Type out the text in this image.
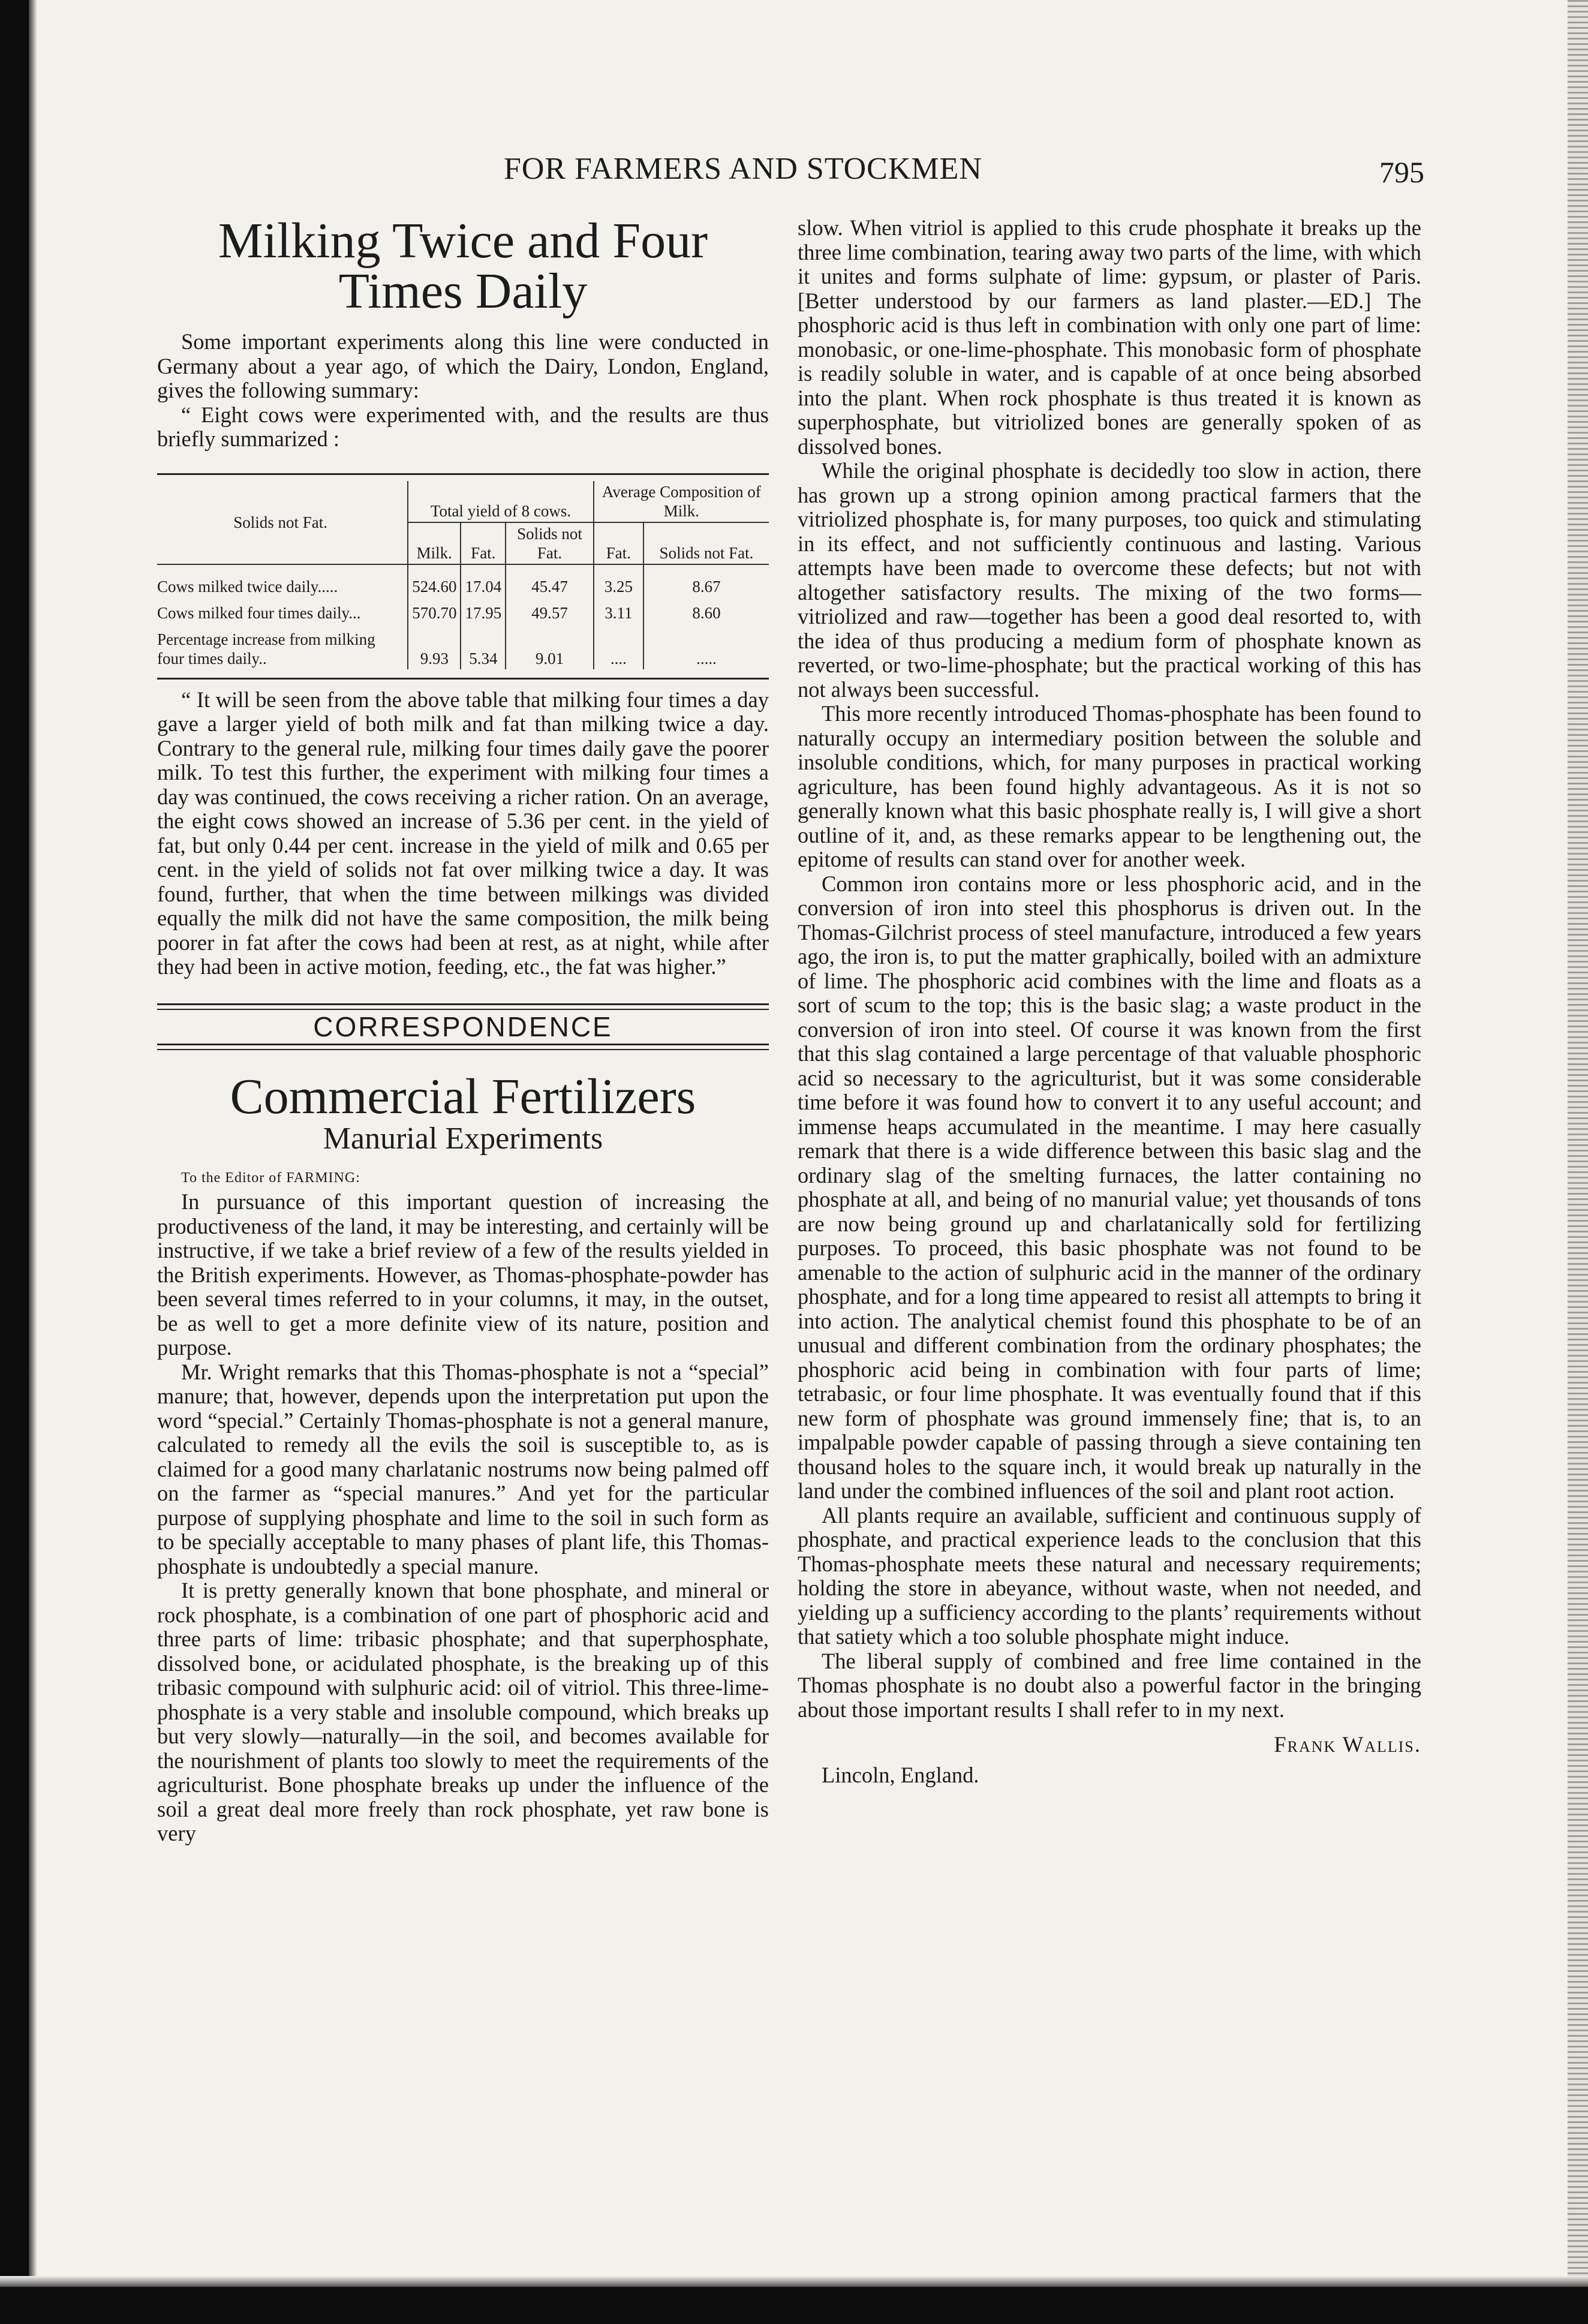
FOR FARMERS AND STOCKMEN	795
Milking Twice and Four Times Daily

Some important experiments along this line were conducted in Germany about a year ago, of which the Dairy, London, England, gives the following summary:

“ Eight cows were experimented with, and the results are thus briefly summarized :

Solids not Fat.	Total yield of 8 cows.			Average Composition of Milk.	
	Milk.	Fat.	Solids not Fat.	Fat.	Solids not Fat.
Cows milked twice daily.....	524.60	17.04	45.47	3.25	8.67
Cows milked four times daily...	570.70	17.95	49.57	3.11	8.60
Percentage increase from milking four times daily..	9.93	5.34	9.01	....	.....

“ It will be seen from the above table that milking four times a day gave a larger yield of both milk and fat than milking twice a day. Contrary to the general rule, milking four times daily gave the poorer milk. To test this further, the experiment with milking four times a day was continued, the cows receiving a richer ration. On an average, the eight cows showed an increase of 5.36 per cent. in the yield of fat, but only 0.44 per cent. increase in the yield of milk and 0.65 per cent. in the yield of solids not fat over milking twice a day. It was found, further, that when the time between milkings was divided equally the milk did not have the same composition, the milk being poorer in fat after the cows had been at rest, as at night, while after they had been in active motion, feeding, etc., the fat was higher.”

CORRESPONDENCE
Commercial Fertilizers
Manurial Experiments

To the Editor of FARMING:

In pursuance of this important question of increasing the productiveness of the land, it may be interesting, and certainly will be instructive, if we take a brief review of a few of the results yielded in the British experiments. However, as Thomas-phosphate-powder has been several times referred to in your columns, it may, in the outset, be as well to get a more definite view of its nature, position and purpose.

Mr. Wright remarks that this Thomas-phosphate is not a “special” manure; that, however, depends upon the interpretation put upon the word “special.” Certainly Thomas-phosphate is not a general manure, calculated to remedy all the evils the soil is susceptible to, as is claimed for a good many charlatanic nostrums now being palmed off on the farmer as “special manures.” And yet for the particular purpose of supplying phosphate and lime to the soil in such form as to be specially acceptable to many phases of plant life, this Thomas-phosphate is undoubtedly a special manure.

It is pretty generally known that bone phosphate, and mineral or rock phosphate, is a combination of one part of phosphoric acid and three parts of lime: tribasic phosphate; and that superphosphate, dissolved bone, or acidulated phosphate, is the breaking up of this tribasic compound with sulphuric acid: oil of vitriol. This three-lime-phosphate is a very stable and insoluble compound, which breaks up but very slowly—naturally—in the soil, and becomes available for the nourishment of plants too slowly to meet the requirements of the agriculturist. Bone phosphate breaks up under the influence of the soil a great deal more freely than rock phosphate, yet raw bone is very

slow. When vitriol is applied to this crude phosphate it breaks up the three lime combination, tearing away two parts of the lime, with which it unites and forms sulphate of lime: gypsum, or plaster of Paris. [Better understood by our farmers as land plaster.—ED.] The phosphoric acid is thus left in combination with only one part of lime: monobasic, or one-lime-phosphate. This monobasic form of phosphate is readily soluble in water, and is capable of at once being absorbed into the plant. When rock phosphate is thus treated it is known as superphosphate, but vitriolized bones are generally spoken of as dissolved bones.

While the original phosphate is decidedly too slow in action, there has grown up a strong opinion among practical farmers that the vitriolized phosphate is, for many purposes, too quick and stimulating in its effect, and not sufficiently continuous and lasting. Various attempts have been made to overcome these defects; but not with altogether satisfactory results. The mixing of the two forms—vitriolized and raw—together has been a good deal resorted to, with the idea of thus producing a medium form of phosphate known as reverted, or two-lime-phosphate; but the practical working of this has not always been successful.

This more recently introduced Thomas-phosphate has been found to naturally occupy an intermediary position between the soluble and insoluble conditions, which, for many purposes in practical working agriculture, has been found highly advantageous. As it is not so generally known what this basic phosphate really is, I will give a short outline of it, and, as these remarks appear to be lengthening out, the epitome of results can stand over for another week.

Common iron contains more or less phosphoric acid, and in the conversion of iron into steel this phosphorus is driven out. In the Thomas-Gilchrist process of steel manufacture, introduced a few years ago, the iron is, to put the matter graphically, boiled with an admixture of lime. The phosphoric acid combines with the lime and floats as a sort of scum to the top; this is the basic slag; a waste product in the conversion of iron into steel. Of course it was known from the first that this slag contained a large percentage of that valuable phosphoric acid so necessary to the agriculturist, but it was some considerable time before it was found how to convert it to any useful account; and immense heaps accumulated in the meantime. I may here casually remark that there is a wide difference between this basic slag and the ordinary slag of the smelting furnaces, the latter containing no phosphate at all, and being of no manurial value; yet thousands of tons are now being ground up and charlatanically sold for fertilizing purposes. To proceed, this basic phosphate was not found to be amenable to the action of sulphuric acid in the manner of the ordinary phosphate, and for a long time appeared to resist all attempts to bring it into action. The analytical chemist found this phosphate to be of an unusual and different combination from the ordinary phosphates; the phosphoric acid being in combination with four parts of lime; tetrabasic, or four lime phosphate. It was eventually found that if this new form of phosphate was ground immensely fine; that is, to an impalpable powder capable of passing through a sieve containing ten thousand holes to the square inch, it would break up naturally in the land under the combined influences of the soil and plant root action.

All plants require an available, sufficient and continuous supply of phosphate, and practical experience leads to the conclusion that this Thomas-phosphate meets these natural and necessary requirements; holding the store in abeyance, without waste, when not needed, and yielding up a sufficiency according to the plants’ requirements without that satiety which a too soluble phosphate might induce.

The liberal supply of combined and free lime contained in the Thomas phosphate is no doubt also a powerful factor in the bringing about those important results I shall refer to in my next.

Frank Wallis.
Lincoln, England.
